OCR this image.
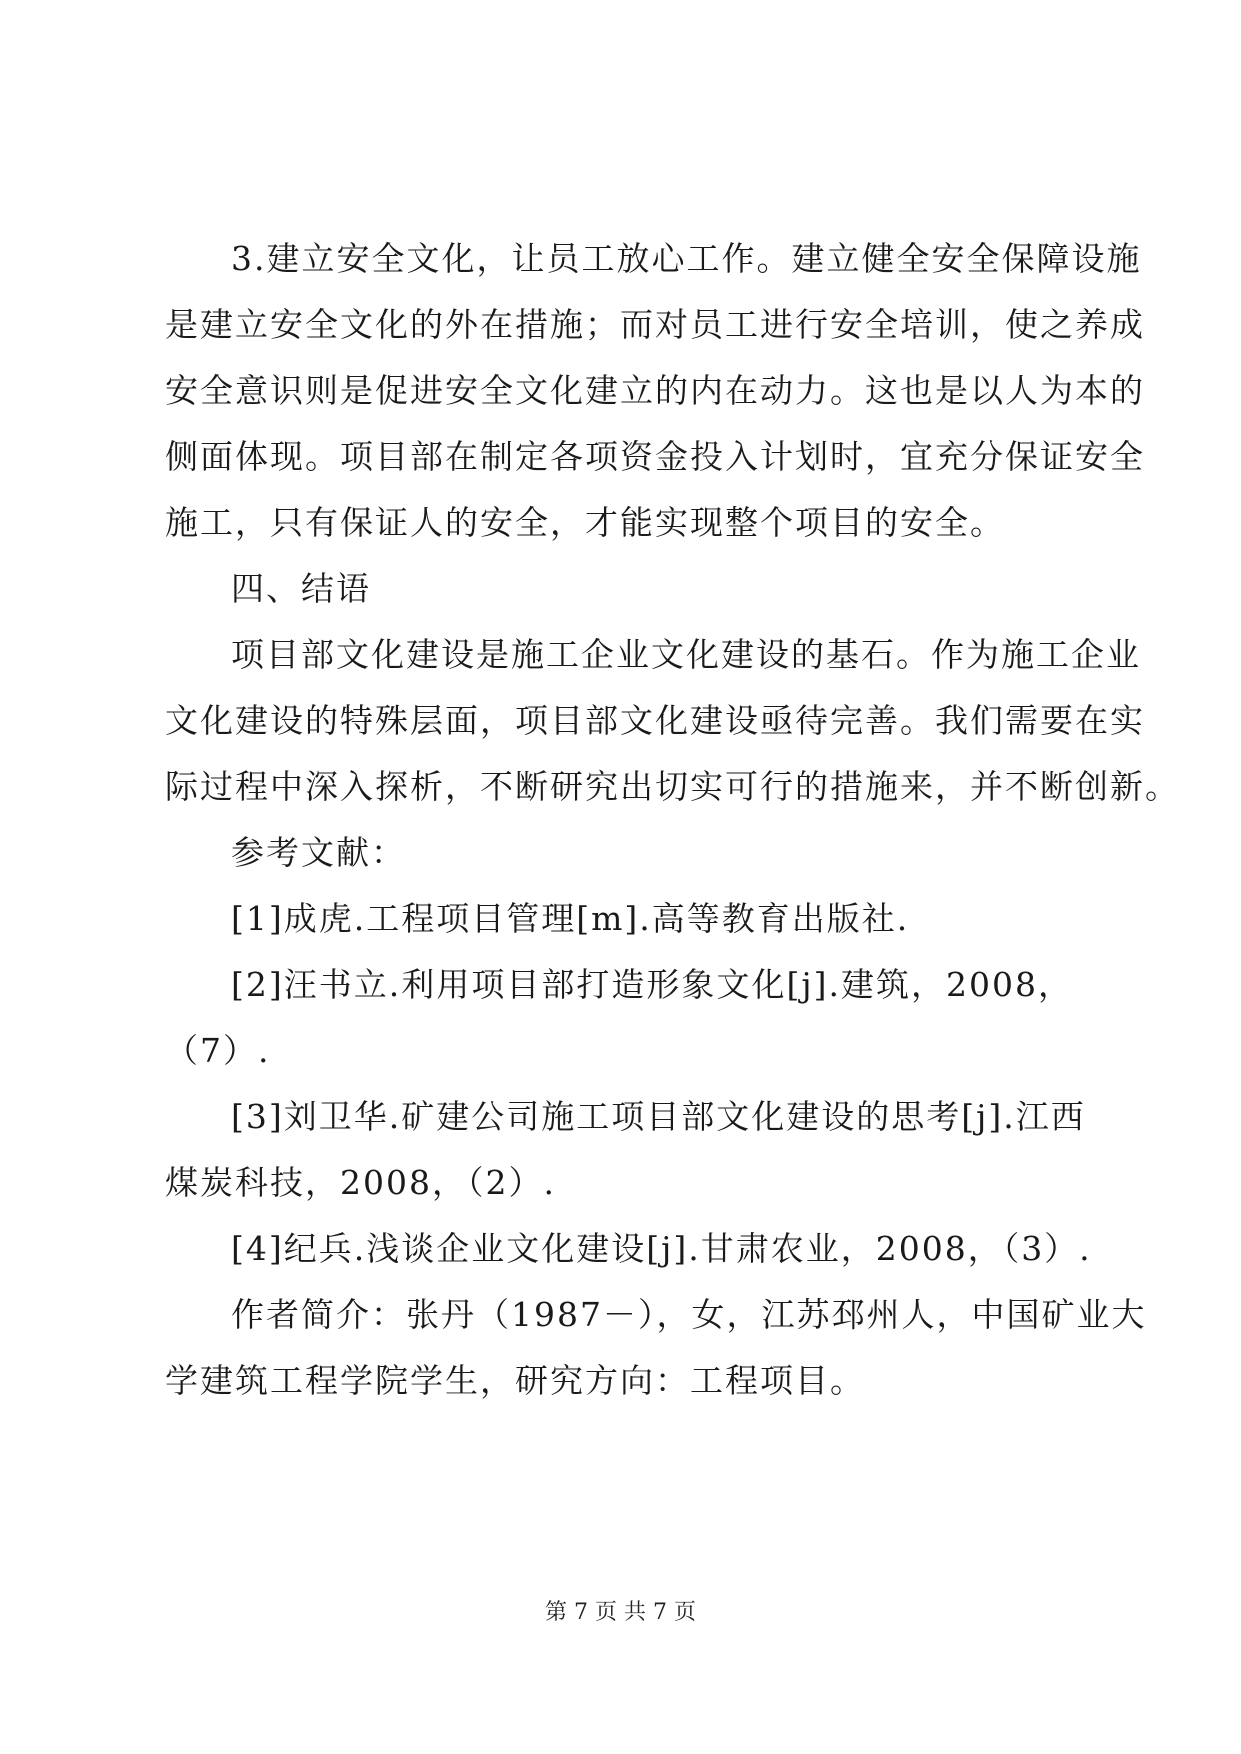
3.建立安全文化，让员工放心工作。建立健全安全保障设施
是建立安全文化的外在措施；而对员工进行安全培训，使之养成
安全意识则是促进安全文化建立的内在动力。这也是以人为本的
侧面体现。项目部在制定各项资金投入计划时，宜充分保证安全
施工，只有保证人的安全，才能实现整个项目的安全。
四、结语
项目部文化建设是施工企业文化建设的基石。作为施工企业
文化建设的特殊层面，项目部文化建设亟待完善。我们需要在实
际过程中深入探析，不断研究出切实可行的措施来，并不断创新。
参考文献：
[1]成虎.工程项目管理[m].高等教育出版社.
[2]汪书立.利用项目部打造形象文化[j].建筑，2008，
（7）.
[3]刘卫华.矿建公司施工项目部文化建设的思考[j].江西
煤炭科技，2008，（2）.
[4]纪兵.浅谈企业文化建设[j].甘肃农业，2008，（3）.
作者简介：张丹（1987－），女，江苏邳州人，中国矿业大
学建筑工程学院学生，研究方向：工程项目。
第 7 页 共 7 页
